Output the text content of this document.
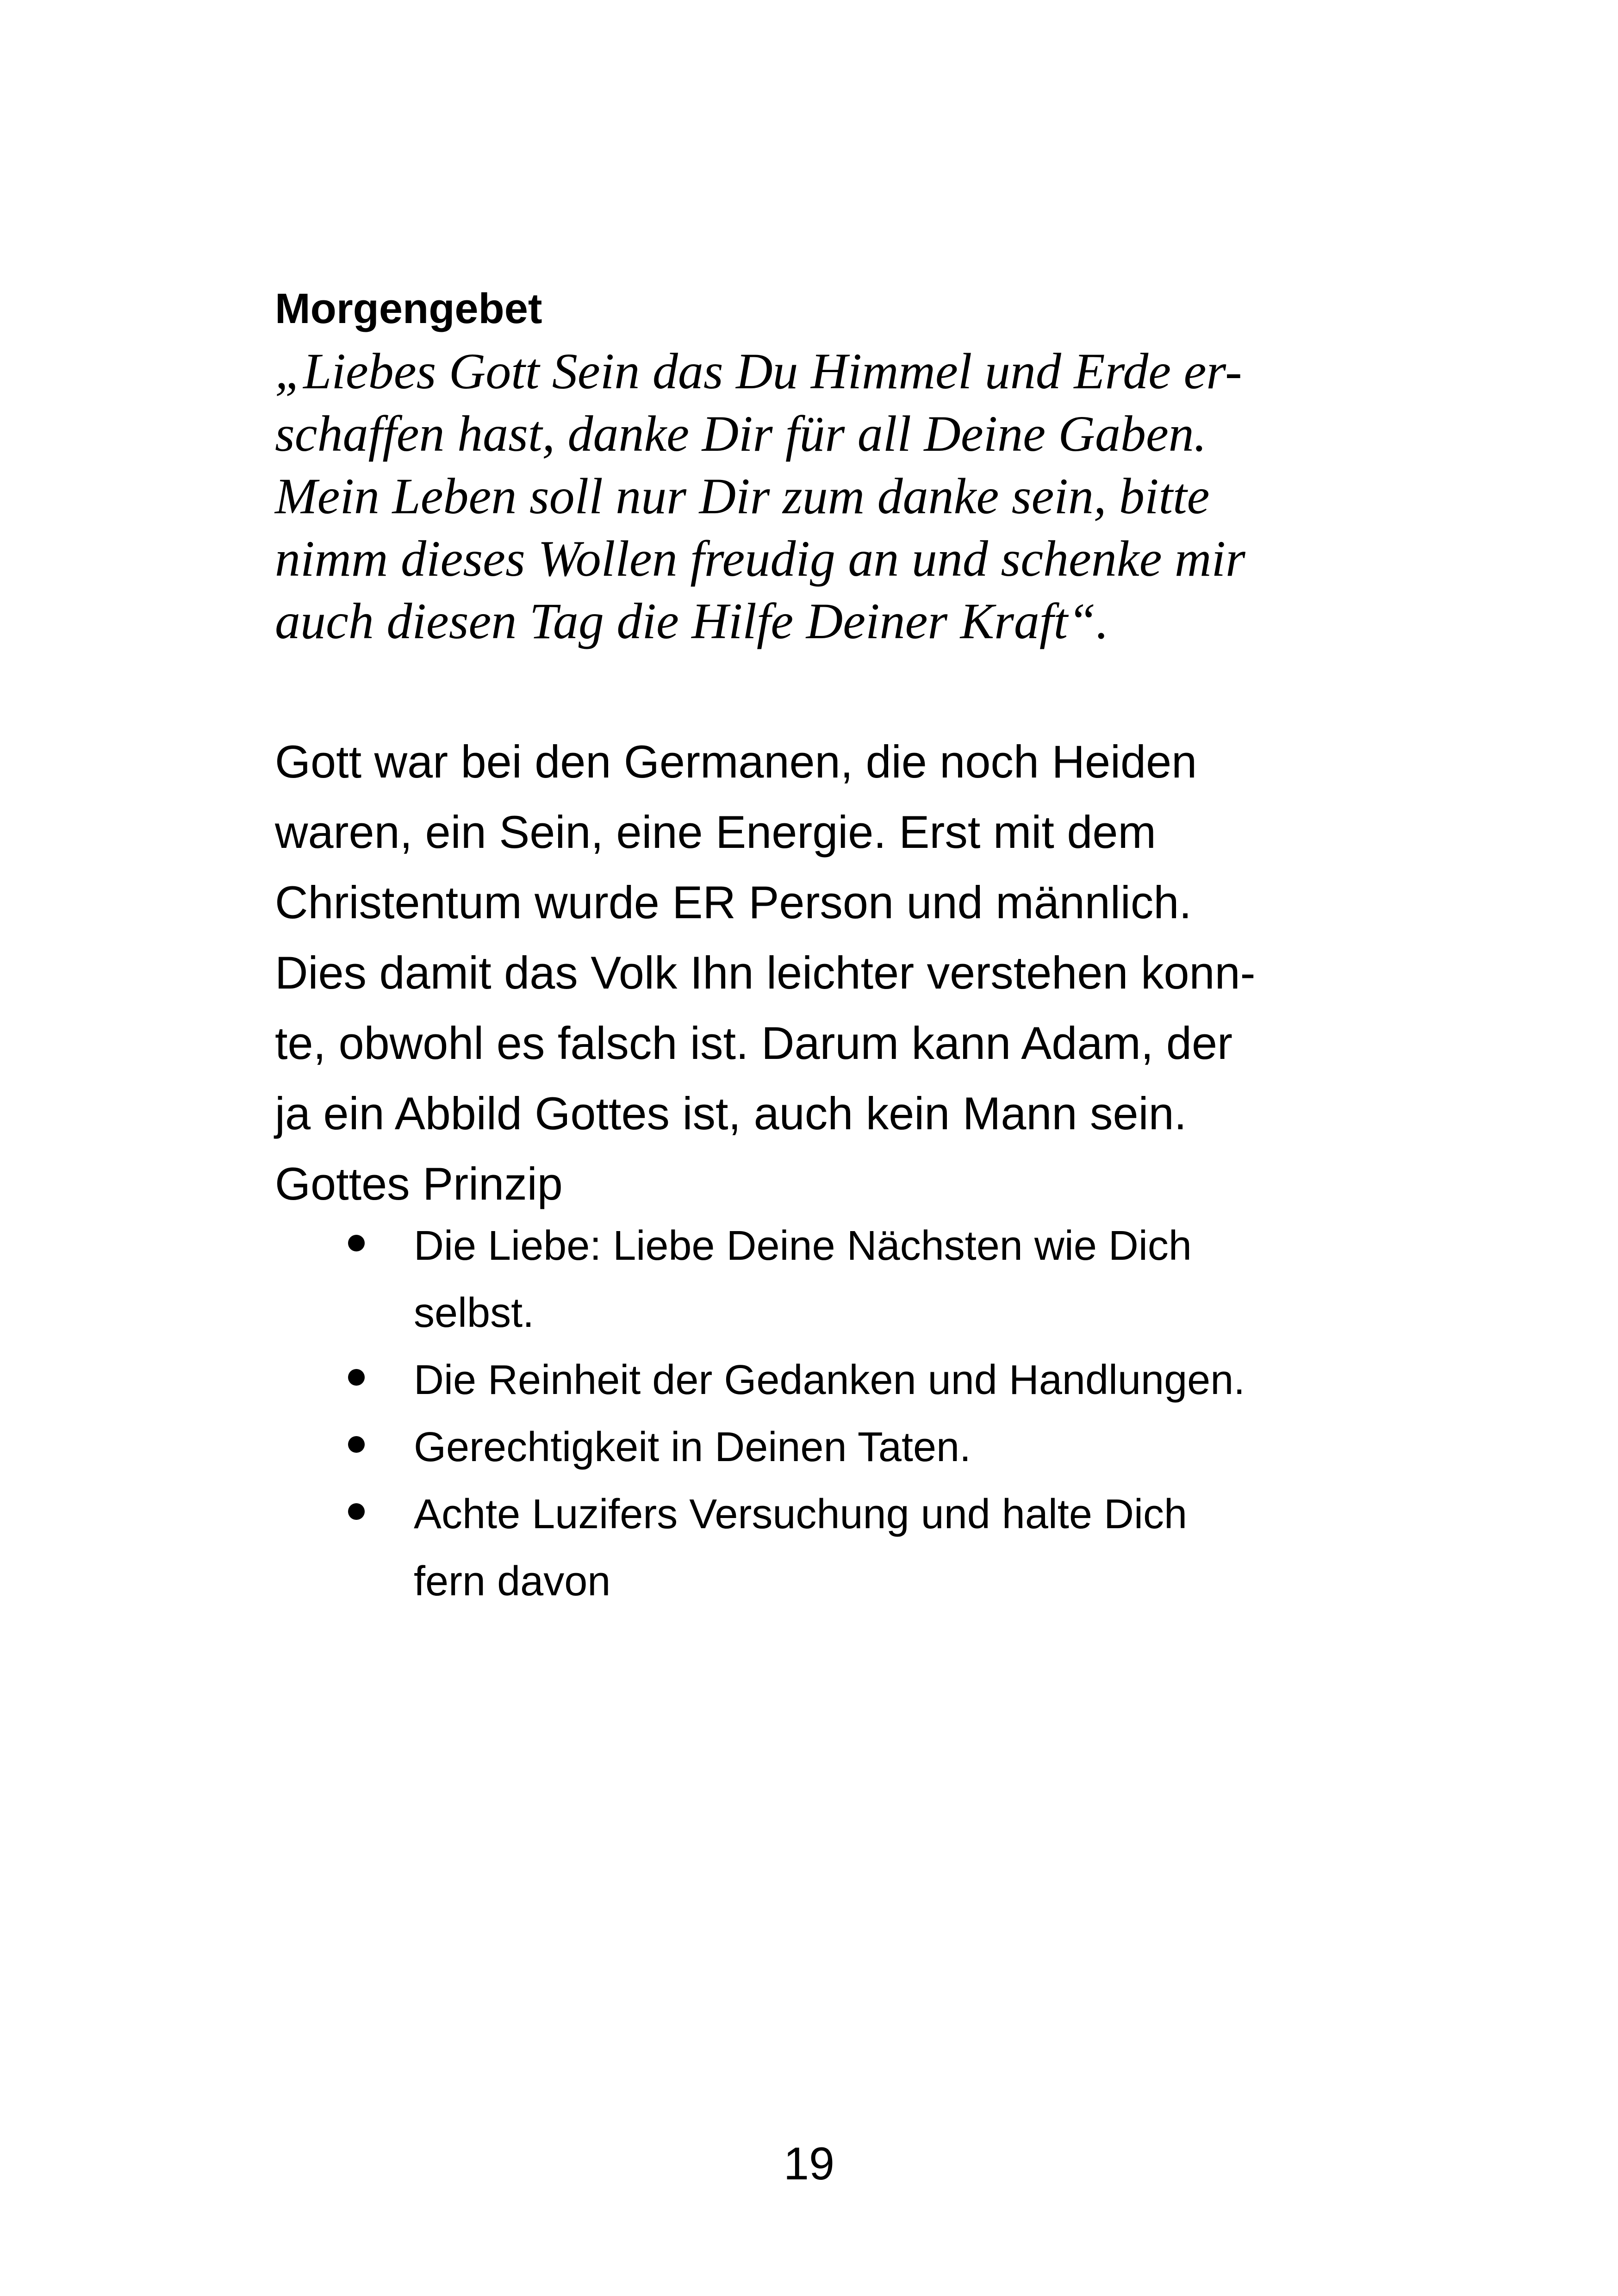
Morgengebet
„Liebes Gott Sein das Du Himmel und Erde er-
schaffen hast, danke Dir für all Deine Gaben.
Mein Leben soll nur Dir zum danke sein, bitte
nimm dieses Wollen freudig an und schenke mir
auch diesen Tag die Hilfe Deiner Kraft“.
Gott war bei den Germanen, die noch Heiden
waren, ein Sein, eine Energie. Erst mit dem
Christentum wurde ER Person und männlich.
Dies damit das Volk Ihn leichter verstehen konn-
te, obwohl es falsch ist. Darum kann Adam, der
ja ein Abbild Gottes ist, auch kein Mann sein.
Gottes Prinzip
Die Liebe: Liebe Deine Nächsten wie Dich
selbst.
Die Reinheit der Gedanken und Handlungen.
Gerechtigkeit in Deinen Taten.
Achte Luzifers Versuchung und halte Dich
fern davon
19
